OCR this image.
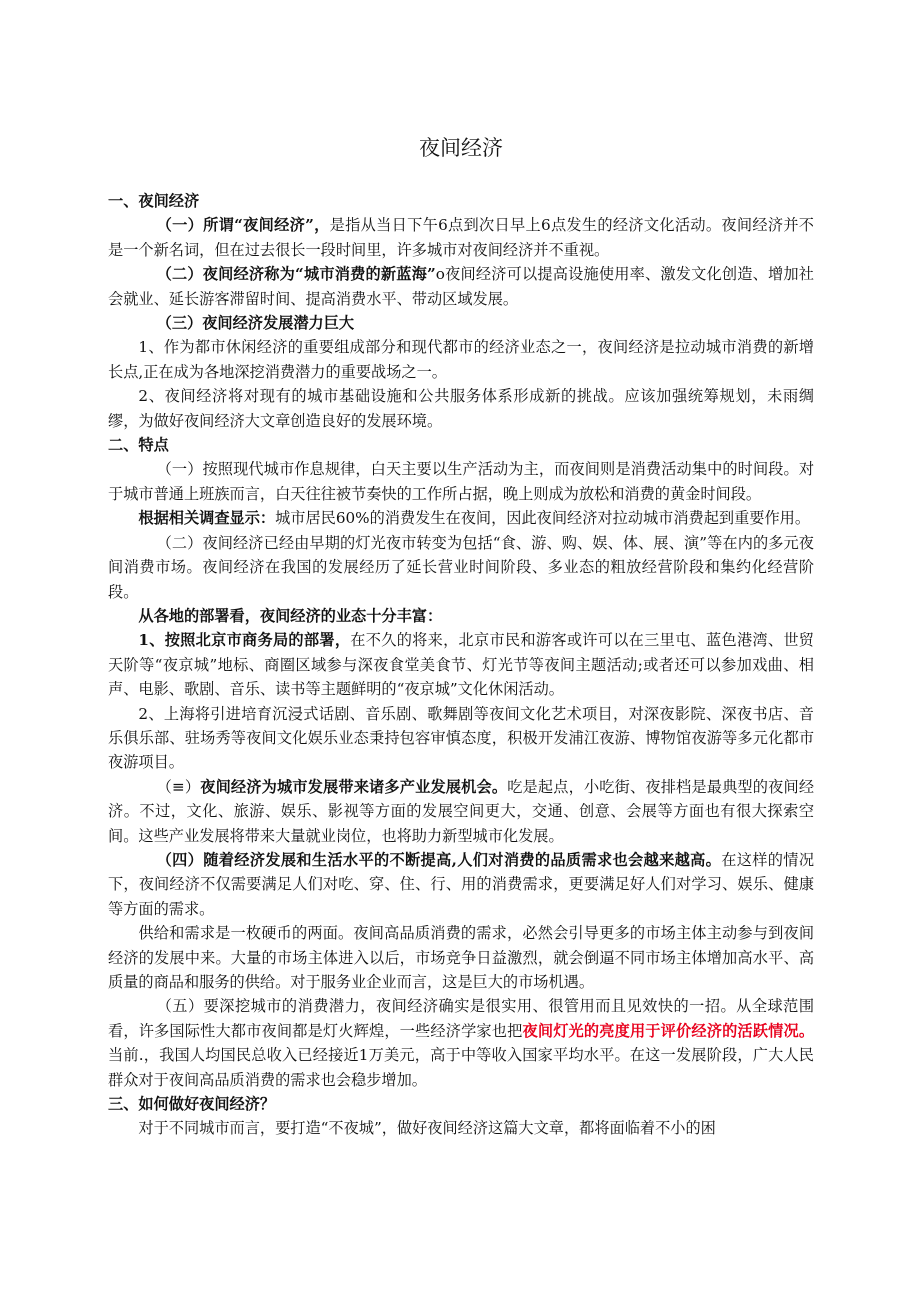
夜间经济

一、夜间经济

（一）所谓“夜间经济”，是指从当日下午6点到次日早上6点发生的经济文化活动。夜间经济并不是一个新名词，但在过去很长一段时间里，许多城市对夜间经济并不重视。

（二）夜间经济称为“城市消费的新蓝海”o夜间经济可以提高设施使用率、激发文化创造、增加社会就业、延长游客滞留时间、提高消费水平、带动区域发展。

（三）夜间经济发展潜力巨大

1、作为都市休闲经济的重要组成部分和现代都市的经济业态之一，夜间经济是拉动城市消费的新增长点,正在成为各地深挖消费潜力的重要战场之一。

2、夜间经济将对现有的城市基础设施和公共服务体系形成新的挑战。应该加强统筹规划，未雨绸缪，为做好夜间经济大文章创造良好的发展环境。

二、特点

（一）按照现代城市作息规律，白天主要以生产活动为主，而夜间则是消费活动集中的时间段。对于城市普通上班族而言，白天往往被节奏快的工作所占据，晚上则成为放松和消费的黄金时间段。

根据相关调查显示：城市居民60%的消费发生在夜间，因此夜间经济对拉动城市消费起到重要作用。

（二）夜间经济已经由早期的灯光夜市转变为包括“食、游、购、娱、体、展、演”等在内的多元夜间消费市场。夜间经济在我国的发展经历了延长营业时间阶段、多业态的粗放经营阶段和集约化经营阶段。

从各地的部署看，夜间经济的业态十分丰富：

1、按照北京市商务局的部署，在不久的将来，北京市民和游客或许可以在三里屯、蓝色港湾、世贸天阶等“夜京城”地标、商圈区域参与深夜食堂美食节、灯光节等夜间主题活动;或者还可以参加戏曲、相声、电影、歌剧、音乐、读书等主题鲜明的“夜京城”文化休闲活动。

2、上海将引进培育沉浸式话剧、音乐剧、歌舞剧等夜间文化艺术项目，对深夜影院、深夜书店、音乐俱乐部、驻场秀等夜间文化娱乐业态秉持包容审慎态度，积极开发浦江夜游、博物馆夜游等多元化都市夜游项目。

（≡）夜间经济为城市发展带来诸多产业发展机会。吃是起点，小吃街、夜排档是最典型的夜间经济。不过，文化、旅游、娱乐、影视等方面的发展空间更大，交通、创意、会展等方面也有很大探索空间。这些产业发展将带来大量就业岗位，也将助力新型城市化发展。

（四）随着经济发展和生活水平的不断提高,人们对消费的品质需求也会越来越高。在这样的情况下，夜间经济不仅需要满足人们对吃、穿、住、行、用的消费需求，更要满足好人们对学习、娱乐、健康等方面的需求。

供给和需求是一枚硬币的两面。夜间高品质消费的需求，必然会引导更多的市场主体主动参与到夜间经济的发展中来。大量的市场主体进入以后，市场竞争日益激烈，就会倒逼不同市场主体增加高水平、高质量的商品和服务的供给。对于服务业企业而言，这是巨大的市场机遇。

（五）要深挖城市的消费潜力，夜间经济确实是很实用、很管用而且见效快的一招。从全球范围看，许多国际性大都市夜间都是灯火辉煌，一些经济学家也把夜间灯光的亮度用于评价经济的活跃情况。当前.，我国人均国民总收入已经接近1万美元，高于中等收入国家平均水平。在这一发展阶段，广大人民群众对于夜间高品质消费的需求也会稳步增加。

三、如何做好夜间经济？

对于不同城市而言，要打造“不夜城”，做好夜间经济这篇大文章，都将面临着不小的困
